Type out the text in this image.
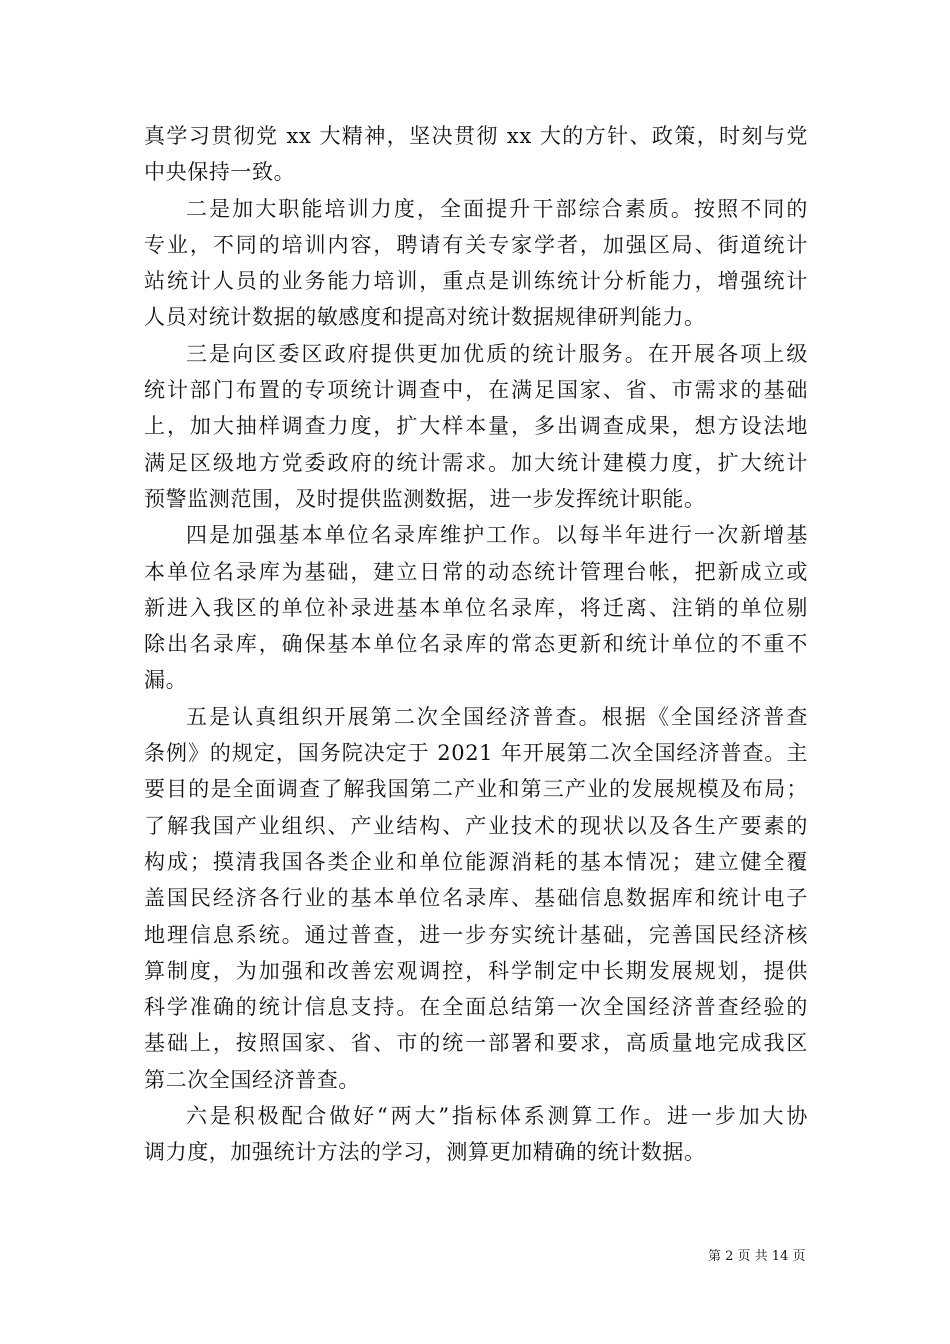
真学习贯彻党 xx 大精神，坚决贯彻 xx 大的方针、政策，时刻与党
中央保持一致。

二是加大职能培训力度，全面提升干部综合素质。按照不同的
专业，不同的培训内容，聘请有关专家学者，加强区局、街道统计
站统计人员的业务能力培训，重点是训练统计分析能力，增强统计
人员对统计数据的敏感度和提高对统计数据规律研判能力。

三是向区委区政府提供更加优质的统计服务。在开展各项上级
统计部门布置的专项统计调查中，在满足国家、省、市需求的基础
上，加大抽样调查力度，扩大样本量，多出调查成果，想方设法地
满足区级地方党委政府的统计需求。加大统计建模力度，扩大统计
预警监测范围，及时提供监测数据，进一步发挥统计职能。

四是加强基本单位名录库维护工作。以每半年进行一次新增基
本单位名录库为基础，建立日常的动态统计管理台帐，把新成立或
新进入我区的单位补录进基本单位名录库，将迁离、注销的单位剔
除出名录库，确保基本单位名录库的常态更新和统计单位的不重不
漏。

五是认真组织开展第二次全国经济普查。根据《全国经济普查
条例》的规定，国务院决定于 2021 年开展第二次全国经济普查。主
要目的是全面调查了解我国第二产业和第三产业的发展规模及布局；
了解我国产业组织、产业结构、产业技术的现状以及各生产要素的
构成；摸清我国各类企业和单位能源消耗的基本情况；建立健全覆
盖国民经济各行业的基本单位名录库、基础信息数据库和统计电子
地理信息系统。通过普查，进一步夯实统计基础，完善国民经济核
算制度，为加强和改善宏观调控，科学制定中长期发展规划，提供
科学准确的统计信息支持。在全面总结第一次全国经济普查经验的
基础上，按照国家、省、市的统一部署和要求，高质量地完成我区
第二次全国经济普查。

六是积极配合做好“两大”指标体系测算工作。进一步加大协
调力度，加强统计方法的学习，测算更加精确的统计数据。

第 2 页 共 14 页
